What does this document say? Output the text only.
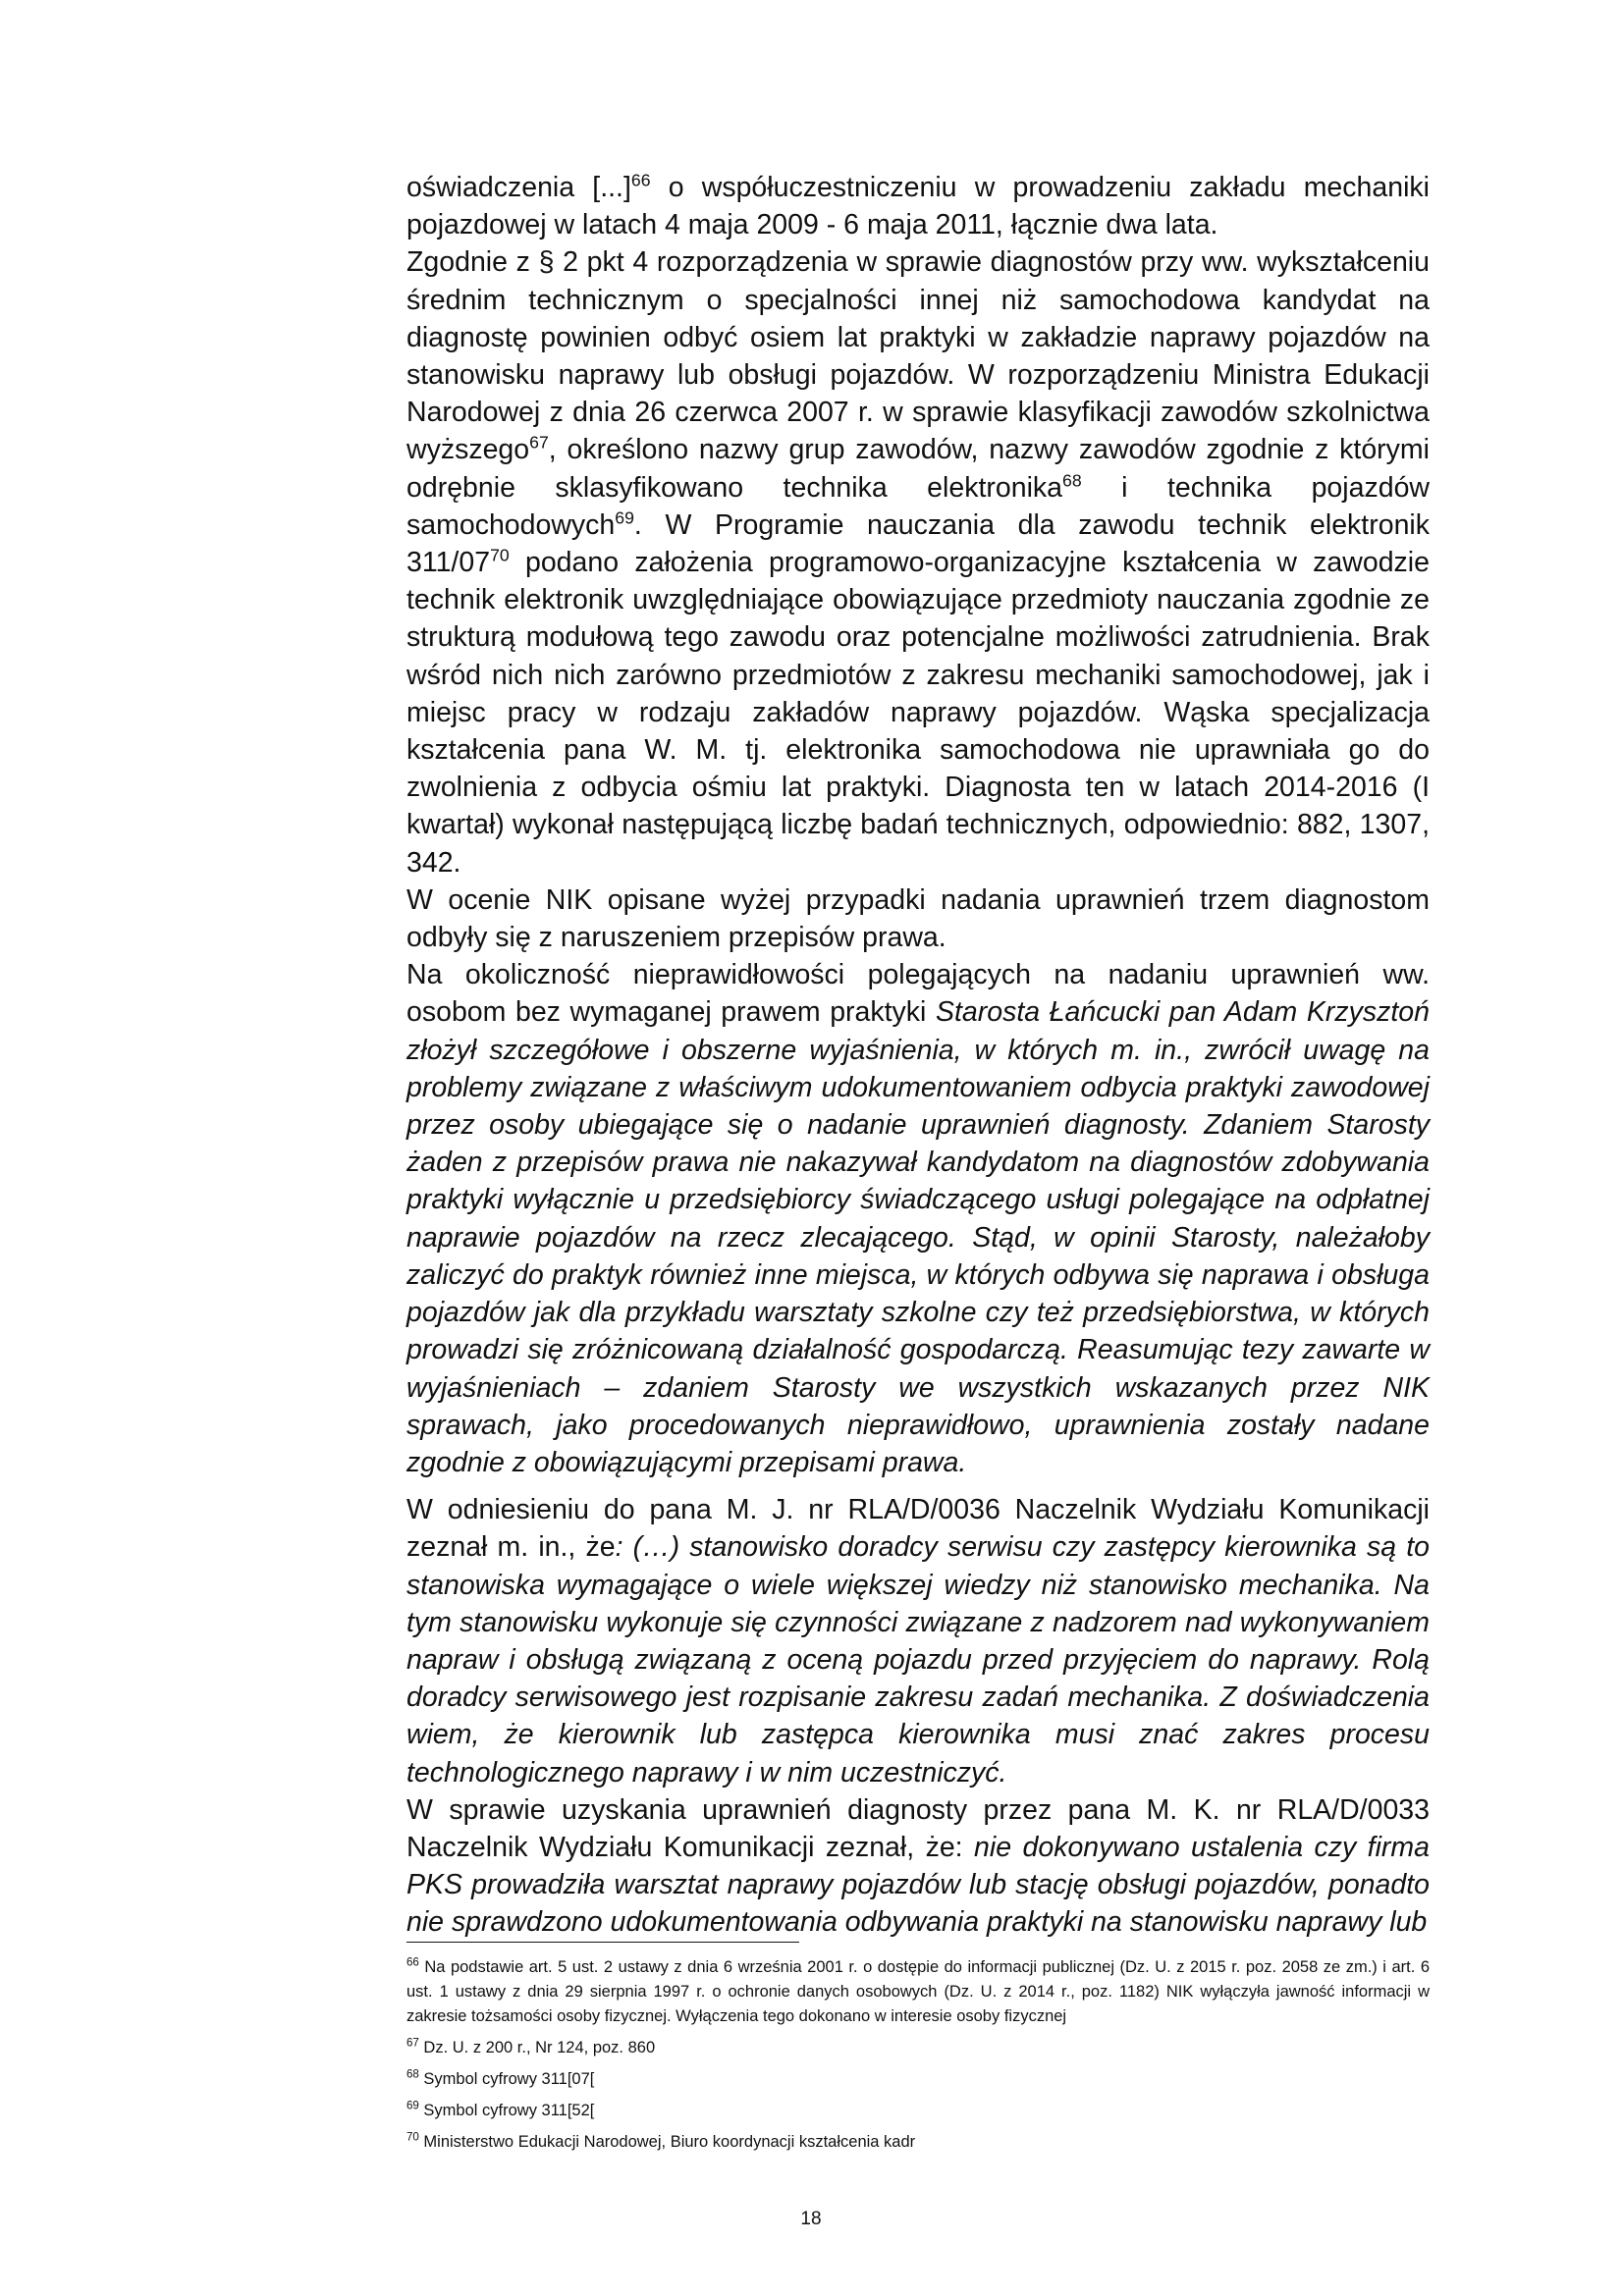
oświadczenia [...]$^{66}$ o współuczestniczeniu w prowadzeniu zakładu mechaniki pojazdowej w latach 4 maja 2009 - 6 maja 2011, łącznie dwa lata.

Zgodnie z § 2 pkt 4 rozporządzenia w sprawie diagnostów przy ww. wykształceniu średnim technicznym o specjalności innej niż samochodowa kandydat na diagnostę powinien odbyć osiem lat praktyki w zakładzie naprawy pojazdów na stanowisku naprawy lub obsługi pojazdów. W rozporządzeniu Ministra Edukacji Narodowej z dnia 26 czerwca 2007 r. w sprawie klasyfikacji zawodów szkolnictwa wyższego$^{67}$, określono nazwy grup zawodów, nazwy zawodów zgodnie z którymi odrębnie sklasyfikowano technika elektronika$^{68}$ i technika pojazdów samochodowych$^{69}$. W Programie nauczania dla zawodu technik elektronik $311/07^{70}$ podano założenia programowo-organizacyjne kształcenia w zawodzie technik elektronik uwzględniające obowiązujące przedmioty nauczania zgodnie ze strukturą modułową tego zawodu oraz potencjalne możliwości zatrudnienia. Brak wśród nich nich zarówno przedmiotów z zakresu mechaniki samochodowej, jak i miejsc pracy w rodzaju zakładów naprawy pojazdów. Wąska specjalizacja kształcenia pana W. M. tj. elektronika samochodowa nie uprawniała go do zwolnienia z odbycia ośmiu lat praktyki. Diagnosta ten w latach 2014-2016 (I kwartał) wykonał następującą liczbę badań technicznych, odpowiednio: 882, 1307, 342.

W ocenie NIK opisane wyżej przypadki nadania uprawnień trzem diagnostom odbyły się z naruszeniem przepisów prawa.

Na okoliczność nieprawidłowości polegających na nadaniu uprawnień ww. osobom bez wymaganej prawem praktyki Starosta Łańcucki pan Adam Krzysztoń złożył szczegółowe i obszerne wyjaśnienia, w których m. in., zwrócił uwagę na problemy związane z właściwym udokumentowaniem odbycia praktyki zawodowej przez osoby ubiegające się o nadanie uprawnień diagnosty. Zdaniem Starosty żaden z przepisów prawa nie nakazywał kandydatom na diagnostów zdobywania praktyki wyłącznie u przedsiębiorcy świadczącego usługi polegające na odpłatnej naprawie pojazdów na rzecz zlecającego. Stąd, w opinii Starosty, należałoby zaliczyć do praktyk również inne miejsca, w których odbywa się naprawa i obsługa pojazdów jak dla przykładu warsztaty szkolne czy też przedsiębiorstwa, w których prowadzi się zróżnicowaną działalność gospodarczą. Reasumując tezy zawarte w wyjaśnieniach – zdaniem Starosty we wszystkich wskazanych przez NIK sprawach, jako procedowanych nieprawidłowo, uprawnienia zostały nadane zgodnie z obowiązującymi przepisami prawa.

W odniesieniu do pana M. J. nr RLA/D/0036 Naczelnik Wydziału Komunikacji zeznał m. in., że: (…) stanowisko doradcy serwisu czy zastępcy kierownika są to stanowiska wymagające o wiele większej wiedzy niż stanowisko mechanika. Na tym stanowisku wykonuje się czynności związane z nadzorem nad wykonywaniem napraw i obsługą związaną z oceną pojazdu przed przyjęciem do naprawy. Rolą doradcy serwisowego jest rozpisanie zakresu zadań mechanika. Z doświadczenia wiem, że kierownik lub zastępca kierownika musi znać zakres procesu technologicznego naprawy i w nim uczestniczyć.

W sprawie uzyskania uprawnień diagnosty przez pana M. K. nr RLA/D/0033 Naczelnik Wydziału Komunikacji zeznał, że: nie dokonywano ustalenia czy firma PKS prowadziła warsztat naprawy pojazdów lub stację obsługi pojazdów, ponadto nie sprawdzono udokumentowania odbywania praktyki na stanowisku naprawy lub

$^{66}$ Na podstawie art. 5 ust. 2 ustawy z dnia 6 września 2001 r. o dostępie do informacji publicznej (Dz. U. z 2015 r. poz. 2058 ze zm.) i art. 6 ust. 1 ustawy z dnia 29 sierpnia 1997 r. o ochronie danych osobowych (Dz. U. z 2014 r., poz. 1182) NIK wyłączyła jawność informacji w zakresie tożsamości osoby fizycznej. Wyłączenia tego dokonano w interesie osoby fizycznej

$^{67}$ Dz. U. z 200 r., Nr 124, poz. 860

$^{68}$ Symbol cyfrowy 311[07[

$^{69}$ Symbol cyfrowy 311[52[

$^{70}$ Ministerstwo Edukacji Narodowej, Biuro koordynacji kształcenia kadr

18
